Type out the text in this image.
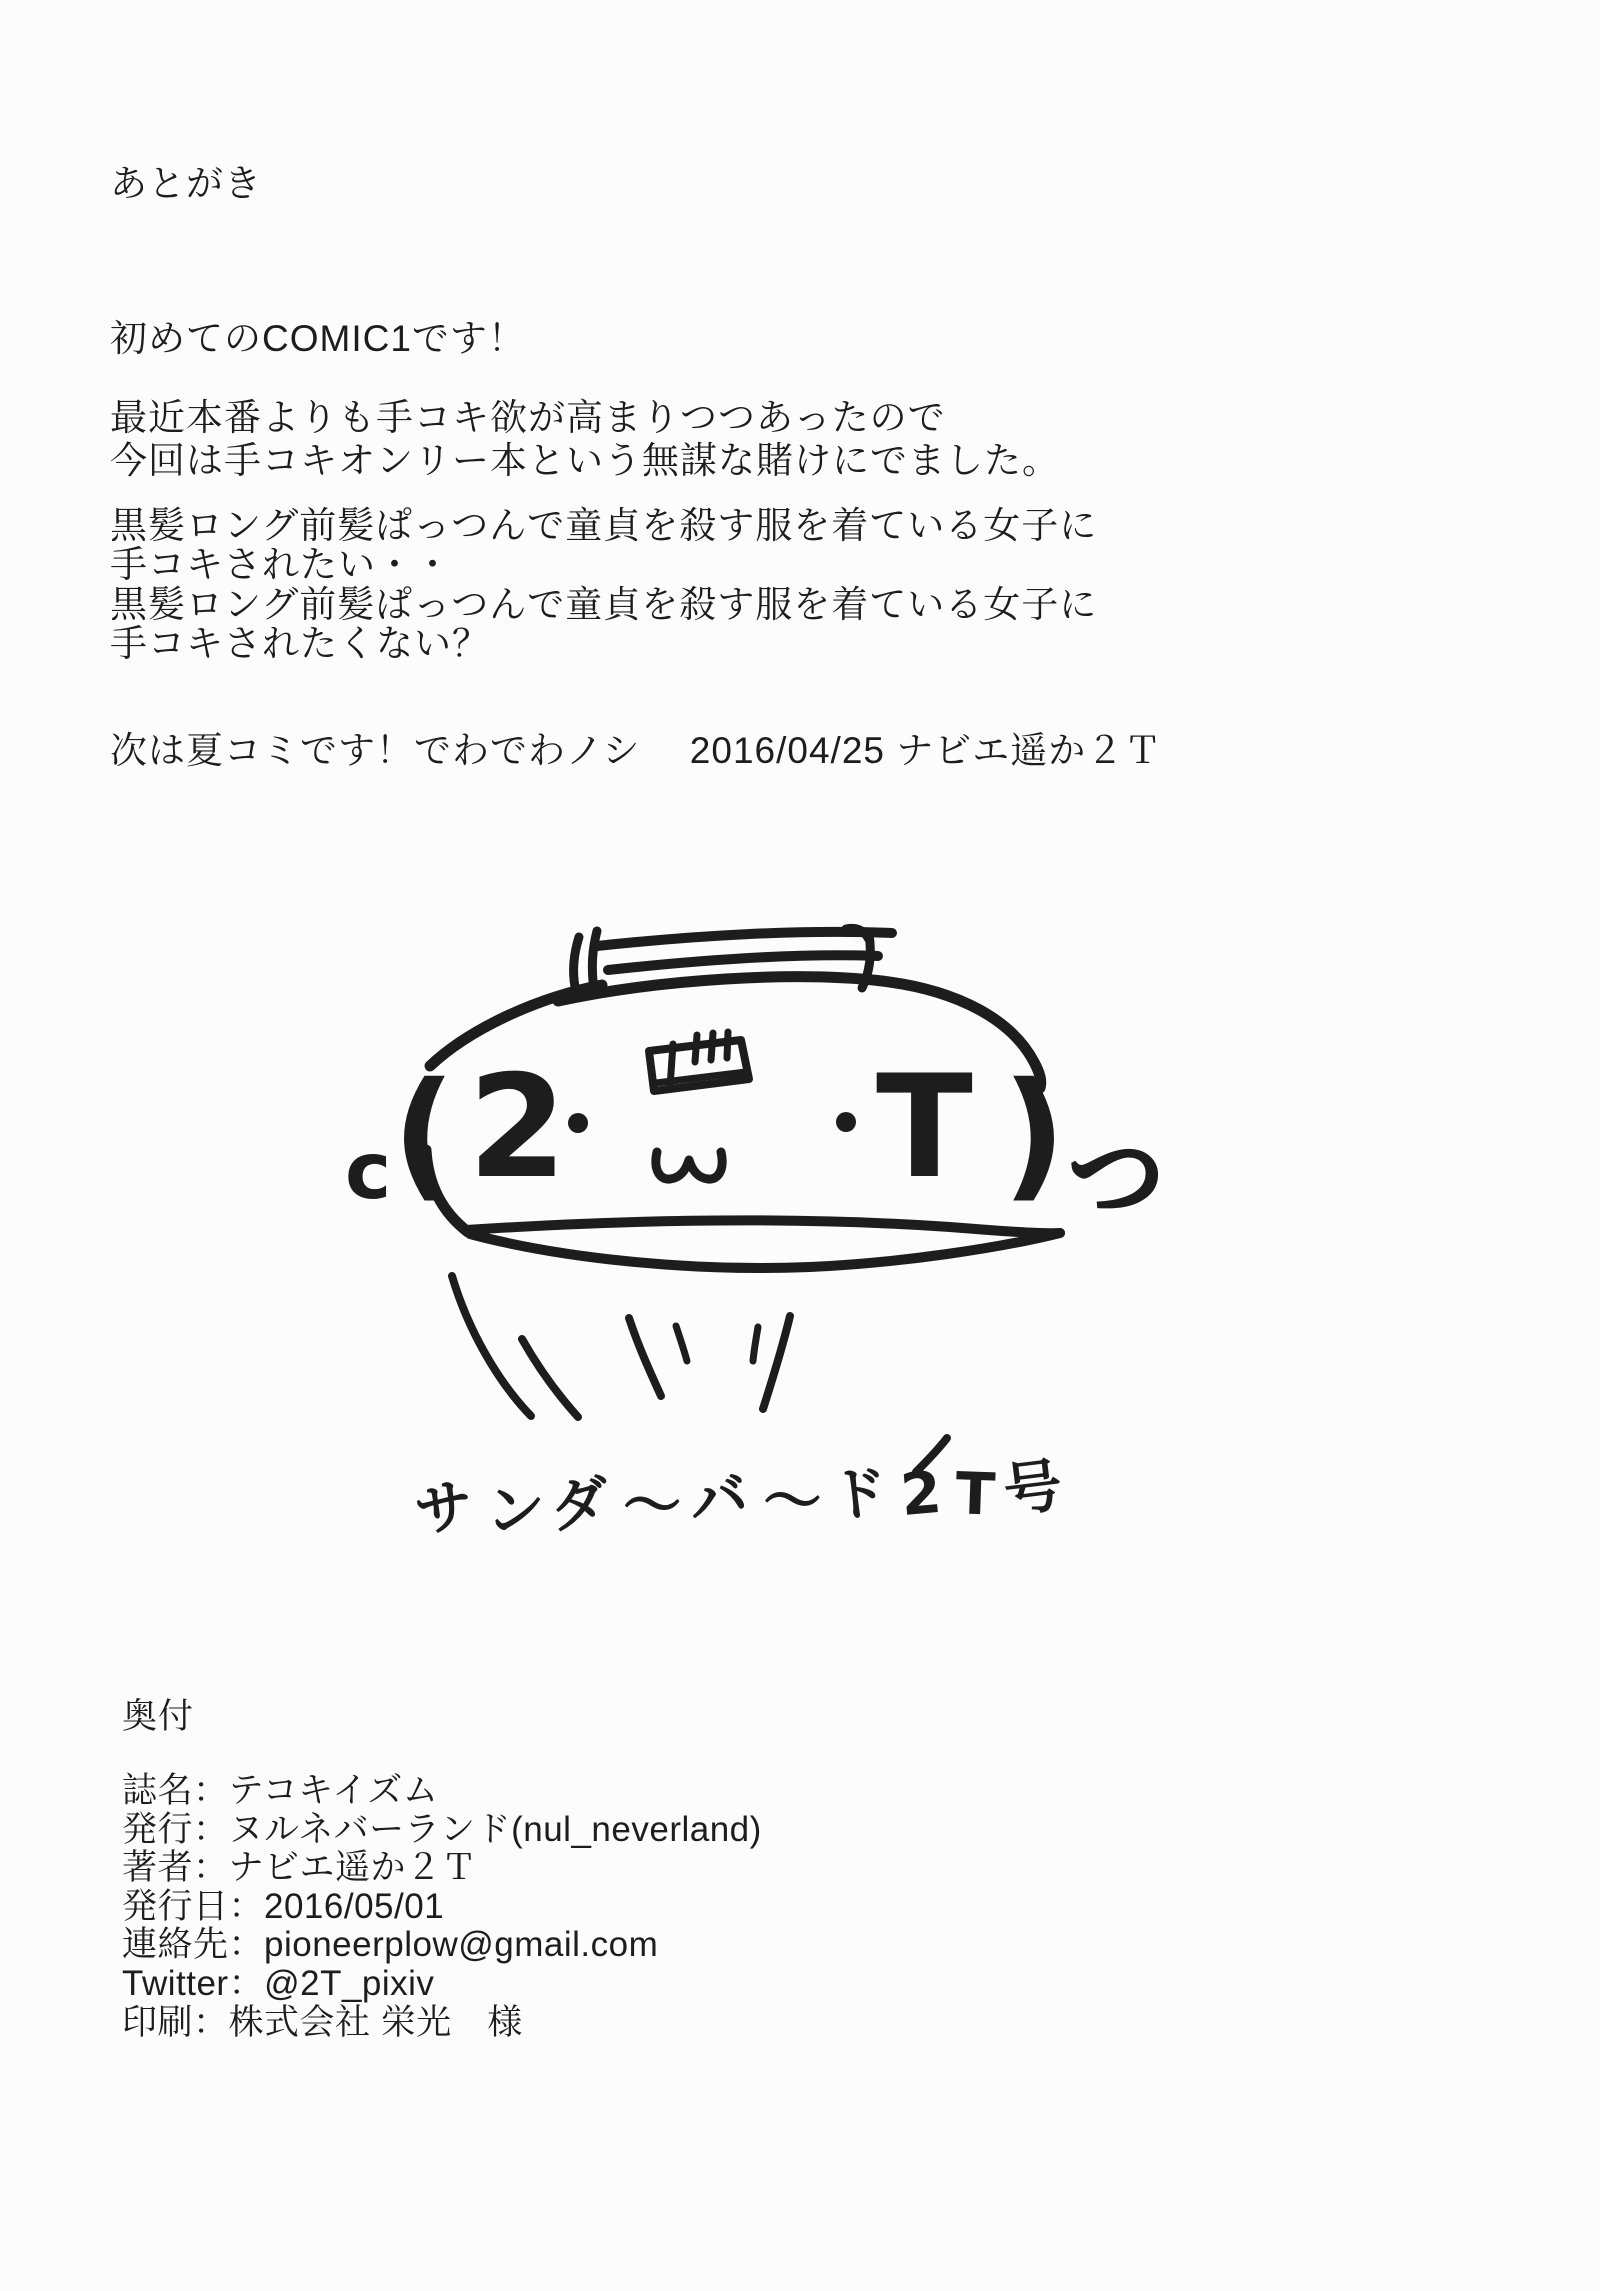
c ( 2 T )
っ
サンダ〜バ〜ド2T号
あとがき
初めてのCOMIC1です！
最近本番よりも手コキ欲が高まりつつあったので
今回は手コキオンリー本という無謀な賭けにでました。
黒髪ロング前髪ぱっつんで童貞を殺す服を着ている女子に
手コキされたい・・
黒髪ロング前髪ぱっつんで童貞を殺す服を着ている女子に
手コキされたくない？
次は夏コミです！でわでわノシ　 2016/04/25 ナビエ遥か２Ｔ
奥付
誌名：テコキイズム
発行：ヌルネバーランド(nul_neverland)
著者：ナビエ遥か２Ｔ
発行日：2016/05/01
連絡先：pioneerplow@gmail.com
Twitter：@2T_pixiv
印刷：株式会社 栄光　様
